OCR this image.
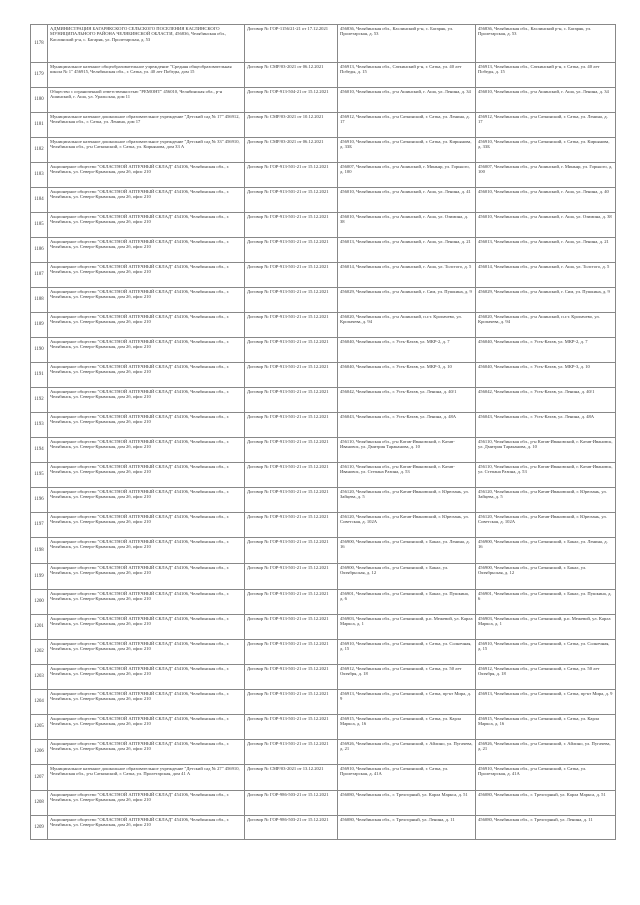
1178	АДМИНИСТРАЦИЯ БАГАРЯКСКОГО СЕЛЬСКОГО ПОСЕЛЕНИЯ КАСЛИНСКОГО МУНИЦИПАЛЬНОГО РАЙОНА ЧЕЛЯБИНСКОЙ ОБЛАСТИ, 456836, Челябинская обл., Каслинский р-н, с. Багаряк, ул. Пролетарская, д. 53	Договор № ГОР-1156/21-21 от 17.12.2021	456836, Челябинская обл., Каслинский р-н, с. Багаряк, ул. Пролетарская, д. 53	456836, Челябинская обл., Каслинский р-н, с. Багаряк, ул. Пролетарская, д. 53
1179	Муниципальное казенное общеобразовательное учреждение "Средняя общеобразовательная школа № 1" 456915, Челябинская обл., г. Сатка, ул. 40 лет Победы, дом 15	Договор № СМР/03-2021 от 06.12.2021	456913, Челябинская обл., Саткинский р-н, г. Сатка, ул. 40 лет Победы, д. 15	456913, Челябинская обл., Саткинский р-н, г. Сатка, ул. 40 лет Победы, д. 15
1180	Общество с ограниченной ответственностью "РЕМОНТ" 456010, Челябинская обл., р-н Ашинский, г. Аша, ул. Уральская, дом 11	Договор № ГОР-913-504-21 от 15.12.2021	456010, Челябинская обл., р-н Ашинский, г. Аша, ул. Ленина, д. 34	456010, Челябинская обл., р-н Ашинский, г. Аша, ул. Ленина, д. 34
1181	Муниципальное казенное дошкольное образовательное учреждение "Детский сад № 17" 456912, Челябинская обл., г. Сатка, ул. Ленина, дом 17	Договор № СМР/03-2021 от 10.12.2021	456912, Челябинская обл., р-н Саткинский, г. Сатка, ул. Ленина, д. 17	456912, Челябинская обл., р-н Саткинский, г. Сатка, ул. Ленина, д. 17
1182	Муниципальное казенное дошкольное образовательное учреждение "Детский сад № 33" 456910, Челябинская обл., р-н Саткинский, г. Сатка, ул. Кирьянова, дом 33 А	Договор № СМР/03-2021 от 06.12.2021	456910, Челябинская обл., р-н Саткинский, г. Сатка, ул. Кирьянова, д. 33Б	456910, Челябинская обл., р-н Саткинский, г. Сатка, ул. Кирьянова, д. 33Б
1183	Акционерное общество "ОБЛАСТНОЙ АПТЕЧНЫЙ СКЛАД" 454106, Челябинская обл., г. Челябинск, ул. Северо-Крымская, дом 2б, офис 210	Договор № ГОР-913-501-21 от 15.12.2021	456007, Челябинская обл., р-н Ашинский, г. Миньяр, ул. Горького, д. 100	456007, Челябинская обл., р-н Ашинский, г. Миньяр, ул. Горького, д. 100
1184	Акционерное общество "ОБЛАСТНОЙ АПТЕЧНЫЙ СКЛАД" 454106, Челябинская обл., г. Челябинск, ул. Северо-Крымская, дом 2б, офис 210	Договор № ГОР-913-501-21 от 15.12.2021	456010, Челябинская обл., р-н Ашинский, г. Аша, ул. Ленина, д. 41	456010, Челябинская обл., р-н Ашинский, г. Аша, ул. Ленина, д. 40
1185	Акционерное общество "ОБЛАСТНОЙ АПТЕЧНЫЙ СКЛАД" 454106, Челябинская обл., г. Челябинск, ул. Северо-Крымская, дом 2б, офис 210	Договор № ГОР-913-501-21 от 15.12.2021	456010, Челябинская обл., р-н Ашинский, г. Аша, ул. Озимина, д. 38	456010, Челябинская обл., р-н Ашинский, г. Аша, ул. Озимина, д. 38
1186	Акционерное общество "ОБЛАСТНОЙ АПТЕЧНЫЙ СКЛАД" 454106, Челябинская обл., г. Челябинск, ул. Северо-Крымская, дом 2б, офис 210	Договор № ГОР-913-501-21 от 15.12.2021	456013, Челябинская обл., р-н Ашинский, г. Аша, ул. Ленина, д. 21	456013, Челябинская обл., р-н Ашинский, г. Аша, ул. Ленина, д. 21
1187	Акционерное общество "ОБЛАСТНОЙ АПТЕЧНЫЙ СКЛАД" 454106, Челябинская обл., г. Челябинск, ул. Северо-Крымская, дом 2б, офис 210	Договор № ГОР-913-501-21 от 15.12.2021	456014, Челябинская обл., р-н Ашинский, г. Аша, ул. Толстого, д. 5	456014, Челябинская обл., р-н Ашинский, г. Аша, ул. Толстого, д. 5
1188	Акционерное общество "ОБЛАСТНОЙ АПТЕЧНЫЙ СКЛАД" 454106, Челябинская обл., г. Челябинск, ул. Северо-Крымская, дом 2б, офис 210	Договор № ГОР-913-501-21 от 15.12.2021	456029, Челябинская обл., р-н Ашинский, г. Сим, ул. Пушкина, д. 9	456029, Челябинская обл., р-н Ашинский, г. Сим, ул. Пушкина, д. 9
1189	Акционерное общество "ОБЛАСТНОЙ АПТЕЧНЫЙ СКЛАД" 454106, Челябинская обл., г. Челябинск, ул. Северо-Крымская, дом 2б, офис 210	Договор № ГОР-913-501-21 от 15.12.2021	456020, Челябинская обл., р-н Ашинский, п.г.т. Кропачево, ул. Кропачева, д. 94	456020, Челябинская обл., р-н Ашинский, п.г.т. Кропачево, ул. Кропачева, д. 94
1190	Акционерное общество "ОБЛАСТНОЙ АПТЕЧНЫЙ СКЛАД" 454106, Челябинская обл., г. Челябинск, ул. Северо-Крымская, дом 2б, офис 210	Договор № ГОР-913-501-21 от 15.12.2021	456040, Челябинская обл., г. Усть-Катав, ул. МКР-2, д. 7	456040, Челябинская обл., г. Усть-Катав, ул. МКР-2, д. 7
1191	Акционерное общество "ОБЛАСТНОЙ АПТЕЧНЫЙ СКЛАД" 454106, Челябинская обл., г. Челябинск, ул. Северо-Крымская, дом 2б, офис 210	Договор № ГОР-913-501-21 от 15.12.2021	456040, Челябинская обл., г. Усть-Катав, ул. МКР-3, д. 10	456040, Челябинская обл., г. Усть-Катав, ул. МКР-3, д. 10
1192	Акционерное общество "ОБЛАСТНОЙ АПТЕЧНЫЙ СКЛАД" 454106, Челябинская обл., г. Челябинск, ул. Северо-Крымская, дом 2б, офис 210	Договор № ГОР-913-501-21 от 15.12.2021	456042, Челябинская обл., г. Усть-Катав, ул. Ленина, д. 40/1	456042, Челябинская обл., г. Усть-Катав, ул. Ленина, д. 40/1
1193	Акционерное общество "ОБЛАСТНОЙ АПТЕЧНЫЙ СКЛАД" 454106, Челябинская обл., г. Челябинск, ул. Северо-Крымская, дом 2б, офис 210	Договор № ГОР-913-501-21 от 15.12.2021	456043, Челябинская обл., г. Усть-Катав, ул. Ленина, д. 48А	456043, Челябинская обл., г. Усть-Катав, ул. Ленина, д. 48А
1194	Акционерное общество "ОБЛАСТНОЙ АПТЕЧНЫЙ СКЛАД" 454106, Челябинская обл., г. Челябинск, ул. Северо-Крымская, дом 2б, офис 210	Договор № ГОР-913-501-21 от 15.12.2021	456110, Челябинская обл., р-н Катав-Ивановский, г. Катав-Ивановск, ул. Дмитрия Тараканова, д. 10	456110, Челябинская обл., р-н Катав-Ивановский, г. Катав-Ивановск, ул. Дмитрия Тараканова, д. 10
1195	Акционерное общество "ОБЛАСТНОЙ АПТЕЧНЫЙ СКЛАД" 454106, Челябинская обл., г. Челябинск, ул. Северо-Крымская, дом 2б, офис 210	Договор № ГОР-913-501-21 от 15.12.2021	456110, Челябинская обл., р-н Катав-Ивановский, г. Катав-Ивановск, ул. Степана Разина, д. 53	456110, Челябинская обл., р-н Катав-Ивановский, г. Катав-Ивановск, ул. Степана Разина, д. 53
1196	Акционерное общество "ОБЛАСТНОЙ АПТЕЧНЫЙ СКЛАД" 454106, Челябинская обл., г. Челябинск, ул. Северо-Крымская, дом 2б, офис 210	Договор № ГОР-913-501-21 от 15.12.2021	456120, Челябинская обл., р-н Катав-Ивановский, г. Юрюзань, ул. Зайцева, д. 5	456120, Челябинская обл., р-н Катав-Ивановский, г. Юрюзань, ул. Зайцева, д. 5
1197	Акционерное общество "ОБЛАСТНОЙ АПТЕЧНЫЙ СКЛАД" 454106, Челябинская обл., г. Челябинск, ул. Северо-Крымская, дом 2б, офис 210	Договор № ГОР-913-501-21 от 15.12.2021	456120, Челябинская обл., р-н Катав-Ивановский, г. Юрюзань, ул. Советская, д. 102А	456120, Челябинская обл., р-н Катав-Ивановский, г. Юрюзань, ул. Советская, д. 102А
1198	Акционерное общество "ОБЛАСТНОЙ АПТЕЧНЫЙ СКЛАД" 454106, Челябинская обл., г. Челябинск, ул. Северо-Крымская, дом 2б, офис 210	Договор № ГОР-913-501-21 от 15.12.2021	456900, Челябинская обл., р-н Саткинский, г. Бакал, ул. Ленина, д. 16	456900, Челябинская обл., р-н Саткинский, г. Бакал, ул. Ленина, д. 16
1199	Акционерное общество "ОБЛАСТНОЙ АПТЕЧНЫЙ СКЛАД" 454106, Челябинская обл., г. Челябинск, ул. Северо-Крымская, дом 2б, офис 210	Договор № ГОР-913-501-21 от 15.12.2021	456900, Челябинская обл., р-н Саткинский, г. Бакал, ул. Октябрьская, д. 12	456900, Челябинская обл., р-н Саткинский, г. Бакал, ул. Октябрьская, д. 12
1200	Акционерное общество "ОБЛАСТНОЙ АПТЕЧНЫЙ СКЛАД" 454106, Челябинская обл., г. Челябинск, ул. Северо-Крымская, дом 2б, офис 210	Договор № ГОР-913-501-21 от 15.12.2021	456901, Челябинская обл., р-н Саткинский, г. Бакал, ул. Пушкина, д. 6	456901, Челябинская обл., р-н Саткинский, г. Бакал, ул. Пушкина, д. 6
1201	Акционерное общество "ОБЛАСТНОЙ АПТЕЧНЫЙ СКЛАД" 454106, Челябинская обл., г. Челябинск, ул. Северо-Крымская, дом 2б, офис 210	Договор № ГОР-913-501-21 от 15.12.2021	456903, Челябинская обл., р-н Саткинский, р.п. Межевой, ул. Карла Маркса, д. 1	456903, Челябинская обл., р-н Саткинский, р.п. Межевой, ул. Карла Маркса, д. 1
1202	Акционерное общество "ОБЛАСТНОЙ АПТЕЧНЫЙ СКЛАД" 454106, Челябинская обл., г. Челябинск, ул. Северо-Крымская, дом 2б, офис 210	Договор № ГОР-913-501-21 от 15.12.2021	456910, Челябинская обл., р-н Саткинский, г. Сатка, ул. Солнечная, д. 15	456910, Челябинская обл., р-н Саткинский, г. Сатка, ул. Солнечная, д. 15
1203	Акционерное общество "ОБЛАСТНОЙ АПТЕЧНЫЙ СКЛАД" 454106, Челябинская обл., г. Челябинск, ул. Северо-Крымская, дом 2б, офис 210	Договор № ГОР-913-501-21 от 15.12.2021	456912, Челябинская обл., р-н Саткинский, г. Сатка, ул. 50 лет Октября, д. 18	456912, Челябинская обл., р-н Саткинский, г. Сатка, ул. 50 лет Октября, д. 18
1204	Акционерное общество "ОБЛАСТНОЙ АПТЕЧНЫЙ СКЛАД" 454106, Челябинская обл., г. Челябинск, ул. Северо-Крымская, дом 2б, офис 210	Договор № ГОР-913-501-21 от 15.12.2021	456913, Челябинская обл., р-н Саткинский, г. Сатка, пр-кт Мира, д. 9	456913, Челябинская обл., р-н Саткинский, г. Сатка, пр-кт Мира, д. 9
1205	Акционерное общество "ОБЛАСТНОЙ АПТЕЧНЫЙ СКЛАД" 454106, Челябинская обл., г. Челябинск, ул. Северо-Крымская, дом 2б, офис 210	Договор № ГОР-913-501-21 от 15.12.2021	456915, Челябинская обл., р-н Саткинский, г. Сатка, ул. Карла Маркса, д. 16	456915, Челябинская обл., р-н Саткинский, г. Сатка, ул. Карла Маркса, д. 16
1206	Акционерное общество "ОБЛАСТНОЙ АПТЕЧНЫЙ СКЛАД" 454106, Челябинская обл., г. Челябинск, ул. Северо-Крымская, дом 2б, офис 210	Договор № ГОР-913-501-21 от 15.12.2021	456926, Челябинская обл., р-н Саткинский, г. Айлино, ул. Пугачева, д. 21	456926, Челябинская обл., р-н Саткинский, г. Айлино, ул. Пугачева, д. 21
1207	Муниципальное казенное дошкольное образовательное учреждение "Детский сад № 27" 456910, Челябинская обл., р-н Саткинский, г. Сатка, ул. Пролетарская, дом 41 А	Договор № СМР/03-2021 от 13.12.2021	456910, Челябинская обл., р-н Саткинский, г. Сатка, ул. Пролетарская, д. 41А	456910, Челябинская обл., р-н Саткинский, г. Сатка, ул. Пролетарская, д. 41А
1208	Акционерное общество "ОБЛАСТНОЙ АПТЕЧНЫЙ СКЛАД" 454106, Челябинская обл., г. Челябинск, ул. Северо-Крымская, дом 2б, офис 210	Договор № ГОР-986-503-21 от 15.12.2021	456080, Челябинская обл., г. Трехгорный, ул. Карла Маркса, д. 51	456080, Челябинская обл., г. Трехгорный, ул. Карла Маркса, д. 51
1209	Акционерное общество "ОБЛАСТНОЙ АПТЕЧНЫЙ СКЛАД" 454106, Челябинская обл., г. Челябинск, ул. Северо-Крымская, дом 2б, офис 210	Договор № ГОР-986-503-21 от 15.12.2021	456080, Челябинская обл., г. Трехгорный, ул. Ленина, д. 11	456080, Челябинская обл., г. Трехгорный, ул. Ленина, д. 11
